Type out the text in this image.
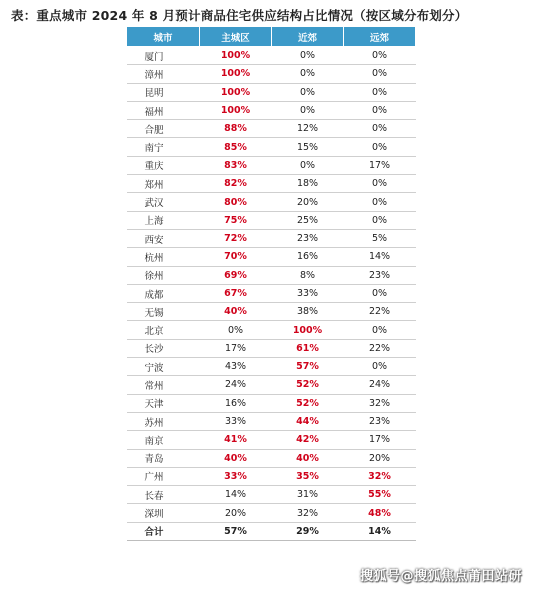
表：重点城市 2024 年 8 月预计商品住宅供应结构占比情况（按区域分布划分）
城市	主城区	近郊	远郊
厦门	100%	0%	0%
漳州	100%	0%	0%
昆明	100%	0%	0%
福州	100%	0%	0%
合肥	88%	12%	0%
南宁	85%	15%	0%
重庆	83%	0%	17%
郑州	82%	18%	0%
武汉	80%	20%	0%
上海	75%	25%	0%
西安	72%	23%	5%
杭州	70%	16%	14%
徐州	69%	8%	23%
成都	67%	33%	0%
无锡	40%	38%	22%
北京	0%	100%	0%
长沙	17%	61%	22%
宁波	43%	57%	0%
常州	24%	52%	24%
天津	16%	52%	32%
苏州	33%	44%	23%
南京	41%	42%	17%
青岛	40%	40%	20%
广州	33%	35%	32%
长春	14%	31%	55%
深圳	20%	32%	48%
合计	57%	29%	14%
搜狐号@搜狐焦点莆田站研
